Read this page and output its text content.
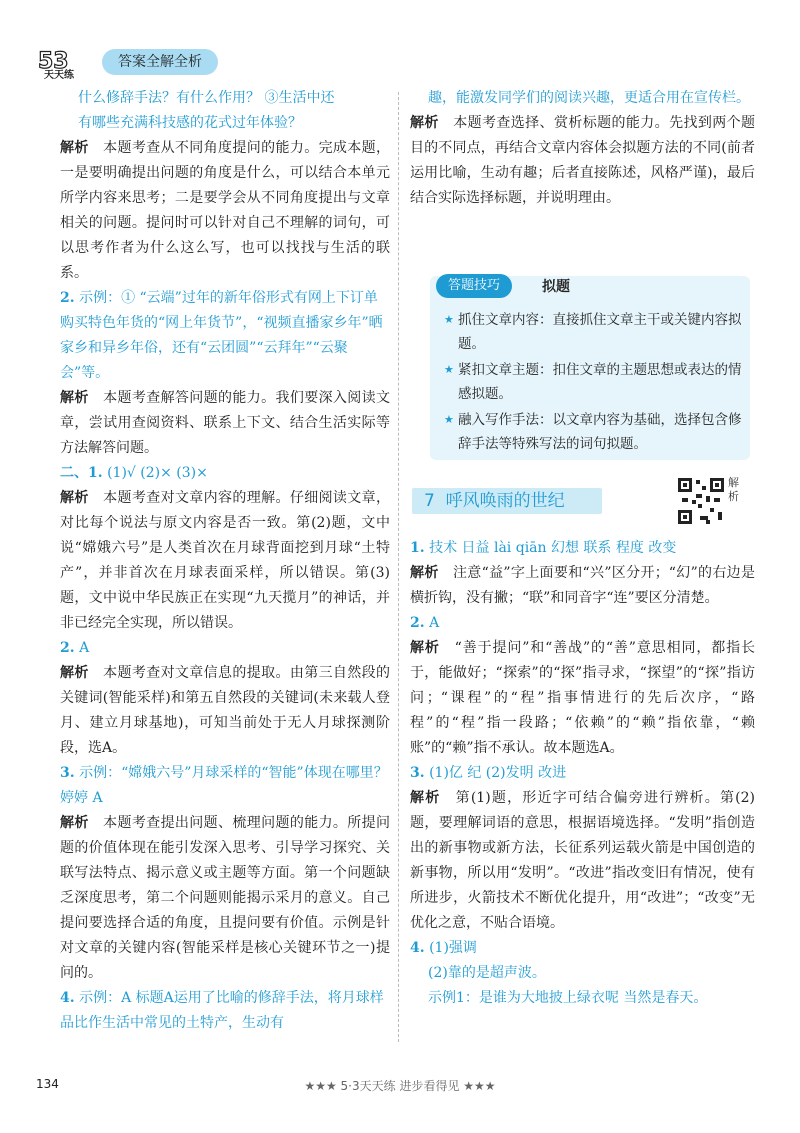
53
天天练
答案全解全析

什么修辞手法？有什么作用？ ③生活中还

有哪些充满科技感的花式过年体验？

解析　 本题考查从不同角度提问的能力。完成本题，一是要明确提出问题的角度是什么，可以结合本单元所学内容来思考；二是要学会从不同角度提出与文章相关的问题。提问时可以针对自己不理解的词句，可以思考作者为什么这么写，也可以找找与生活的联系。

2. 示例：① “云端”过年的新年俗形式有网上下订单购买特色年货的“网上年货节”，“视频直播家乡年”晒家乡和异乡年俗，还有“云团圆”“云拜年”“云聚会”等。

解析　 本题考查解答问题的能力。我们要深入阅读文章，尝试用查阅资料、联系上下文、结合生活实际等方法解答问题。

二、1. (1)√ (2)× (3)×

解析　 本题考查对文章内容的理解。仔细阅读文章，对比每个说法与原文内容是否一致。第(2)题，文中说“嫦娥六号”是人类首次在月球背面挖到月球“土特产”，并非首次在月球表面采样，所以错误。第(3)题，文中说中华民族正在实现“九天揽月”的神话，并非已经完全实现，所以错误。

2. A

解析　 本题考查对文章信息的提取。由第三自然段的关键词(智能采样)和第五自然段的关键词(未来载人登月、建立月球基地)，可知当前处于无人月球探测阶段，选A。

3. 示例：“嫦娥六号”月球采样的“智能”体现在哪里？ 婷婷 A

解析　 本题考查提出问题、梳理问题的能力。所提问题的价值体现在能引发深入思考、引导学习探究、关联写法特点、揭示意义或主题等方面。第一个问题缺乏深度思考，第二个问题则能揭示采月的意义。自己提问要选择合适的角度，且提问要有价值。示例是针对文章的关键内容(智能采样是核心关键环节之一)提问的。

4. 示例：A 标题A运用了比喻的修辞手法，将月球样品比作生活中常见的土特产，生动有

趣，能激发同学们的阅读兴趣，更适合用在宣传栏。

解析　 本题考查选择、赏析标题的能力。先找到两个题目的不同点，再结合文章内容体会拟题方法的不同(前者运用比喻，生动有趣；后者直接陈述，风格严谨)，最后结合实际选择标题，并说明理由。

答题技巧	拟题
★ 抓住文章内容：直接抓住文章主干或关键内容拟题。
★ 紧扣文章主题：扣住文章的主题思想或表达的情感拟题。
★ 融入写作手法：以文章内容为基础，选择包含修辞手法等特殊写法的词句拟题。
7 呼风唤雨的世纪
解析

1. 技术 日益 lài qiān 幻想 联系 程度 改变

解析　 注意“益”字上面要和“兴”区分开；“幻”的右边是横折钩，没有撇；“联”和同音字“连”要区分清楚。

2. A

解析　 “善于提问”和“善战”的“善”意思相同，都指长于，能做好；“探索”的“探”指寻求，“探望”的“探”指访问；“课程”的“程”指事情进行的先后次序，“路程”的“程”指一段路；“依赖”的“赖”指依靠，“赖账”的“赖”指不承认。故本题选A。

3. (1)亿 纪 (2)发明 改进

解析　 第(1)题，形近字可结合偏旁进行辨析。第(2)题，要理解词语的意思，根据语境选择。“发明”指创造出的新事物或新方法，长征系列运载火箭是中国创造的新事物，所以用“发明”。“改进”指改变旧有情况，使有所进步，火箭技术不断优化提升，用“改进”；“改变”无优化之意，不贴合语境。

4. (1)强调

(2)靠的是超声波。

示例1：是谁为大地披上绿衣呢 当然是春天。

134	★★★ 5·3天天练 进步看得见 ★★★
